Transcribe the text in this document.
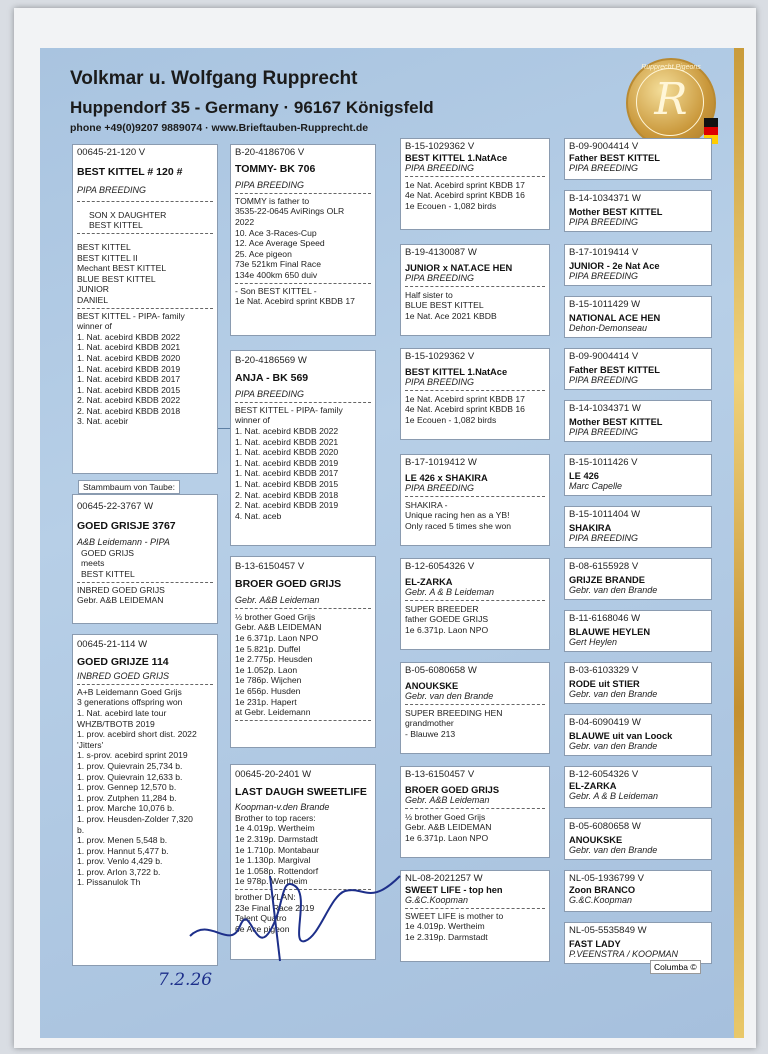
Volkmar u. Wolfgang Rupprecht
Huppendorf 35 - Germany · 96167 Königsfeld
phone +49(0)9207 9889074 · www.Brieftauben-Rupprecht.de
Rupprecht Pigeons
R
00645-21-120 V
BEST KITTEL # 120 #
PIPA BREEDING
SON X DAUGHTER
BEST KITTEL
BEST KITTEL
BEST KITTEL II
Mechant BEST KITTEL
BLUE BEST KITTEL
JUNIOR
DANIEL
BEST KITTEL - PIPA- family
winner of
1. Nat. acebird KBDB 2022
1. Nat. acebird KBDB 2021
1. Nat. acebird KBDB 2020
1. Nat. acebird KBDB 2019
1. Nat. acebird KBDB 2017
1. Nat. acebird KBDB 2015
2. Nat. acebird KBDB 2022
2. Nat. acebird KBDB 2018
3. Nat. acebir
Stammbaum von Taube:
00645-22-3767 W
GOED GRISJE 3767
A&B Leidemann - PIPA
GOED GRIJS
meets
BEST KITTEL
INBRED GOED GRIJS
Gebr. A&B LEIDEMAN
00645-21-114 W
GOED GRIJZE 114
INBRED GOED GRIJS
A+B Leidemann Goed Grijs
3 generations offspring won
1. Nat. acebird late tour
WHZB/TBOTB 2019
1. prov. acebird short dist. 2022
'Jitters'
1. s-prov. acebird sprint 2019
1. prov. Quievrain 25,734 b.
1. prov. Quievrain 12,633 b.
1. prov. Gennep 12,570 b.
1. prov. Zutphen 11,284 b.
1. prov. Marche 10,076 b.
1. prov. Heusden-Zolder 7,320
b.
1. prov. Menen 5,548 b.
1. prov. Hannut 5,477 b.
1. prov. Venlo 4,429 b.
1. prov. Arlon 3,722 b.
1. Pissanulok Th
B-20-4186706 V
TOMMY- BK 706
PIPA BREEDING
TOMMY is father to
3535-22-0645 AviRings OLR
2022
10. Ace 3-Races-Cup
12. Ace Average Speed
25. Ace pigeon
73e 521km Final Race
134e 400km 650 duiv
- Son BEST KITTEL -
1e Nat. Acebird sprint KBDB 17
B-20-4186569 W
ANJA - BK 569
PIPA BREEDING
BEST KITTEL - PIPA- family
winner of
1. Nat. acebird KBDB 2022
1. Nat. acebird KBDB 2021
1. Nat. acebird KBDB 2020
1. Nat. acebird KBDB 2019
1. Nat. acebird KBDB 2017
1. Nat. acebird KBDB 2015
2. Nat. acebird KBDB 2018
2. Nat. acebird KBDB 2019
4. Nat. aceb
B-13-6150457 V
BROER GOED GRIJS
Gebr. A&B Leideman
½ brother Goed Grijs
Gebr. A&B LEIDEMAN
1e 6.371p. Laon NPO
1e 5.821p. Duffel
1e 2.775p. Heusden
1e 1.052p. Laon
1e 786p. Wijchen
1e 656p. Husden
1e 231p. Hapert
at Gebr. Leidemann
00645-20-2401 W
LAST DAUGH SWEETLIFE
Koopman-v.den Brande
Brother to top racers:
1e 4.019p. Wertheim
1e 2.319p. Darmstadt
1e 1.710p. Montabaur
1e 1.130p. Margival
1e 1.058p. Rottendorf
1e 978p. Wertheim
brother DYLAN:
23e Final Race 2019
Talent Quatro
6e Ace pigeon
B-15-1029362 V
BEST KITTEL 1.NatAce
PIPA BREEDING
1e Nat. Acebird sprint KBDB 17
4e Nat. Acebird sprint KBDB 16
1e Ecouen - 1,082 birds
B-19-4130087 W
JUNIOR x NAT.ACE HEN
PIPA BREEDING
Half sister to
BLUE BEST KITTEL
1e Nat. Ace 2021 KBDB
B-15-1029362 V
BEST KITTEL 1.NatAce
PIPA BREEDING
1e Nat. Acebird sprint KBDB 17
4e Nat. Acebird sprint KBDB 16
1e Ecouen - 1,082 birds
B-17-1019412 W
LE 426 x SHAKIRA
PIPA BREEDING
SHAKIRA -
Unique racing hen as a YB!
Only raced 5 times she won
B-12-6054326 V
EL-ZARKA
Gebr. A & B Leideman
SUPER BREEDER
father GOEDE GRIJS
1e 6.371p. Laon NPO
B-05-6080658 W
ANOUKSKE
Gebr. van den Brande
SUPER BREEDING HEN
grandmother
- Blauwe 213
B-13-6150457 V
BROER GOED GRIJS
Gebr. A&B Leideman
½ brother Goed Grijs
Gebr. A&B LEIDEMAN
1e 6.371p. Laon NPO
NL-08-2021257 W
SWEET LIFE - top hen
G.&C.Koopman
SWEET LIFE is mother to
1e 4.019p. Wertheim
1e 2.319p. Darmstadt
B-09-9004414 V
Father BEST KITTEL
PIPA BREEDING
B-14-1034371 W
Mother BEST KITTEL
PIPA BREEDING
B-17-1019414 V
JUNIOR - 2e Nat Ace
PIPA BREEDING
B-15-1011429 W
NATIONAL ACE HEN
Dehon-Demonseau
B-09-9004414 V
Father BEST KITTEL
PIPA BREEDING
B-14-1034371 W
Mother BEST KITTEL
PIPA BREEDING
B-15-1011426 V
LE 426
Marc Capelle
B-15-1011404 W
SHAKIRA
PIPA BREEDING
B-08-6155928 V
GRIJZE BRANDE
Gebr. van den Brande
B-11-6168046 W
BLAUWE HEYLEN
Gert Heylen
B-03-6103329 V
RODE uit STIER
Gebr. van den Brande
B-04-6090419 W
BLAUWE uit van Loock
Gebr. van den Brande
B-12-6054326 V
EL-ZARKA
Gebr. A & B Leideman
B-05-6080658 W
ANOUKSKE
Gebr. van den Brande
NL-05-1936799 V
Zoon BRANCO
G.&C.Koopman
NL-05-5535849 W
FAST LADY
P.VEENSTRA / KOOPMAN
Columba ©
7.2.26
